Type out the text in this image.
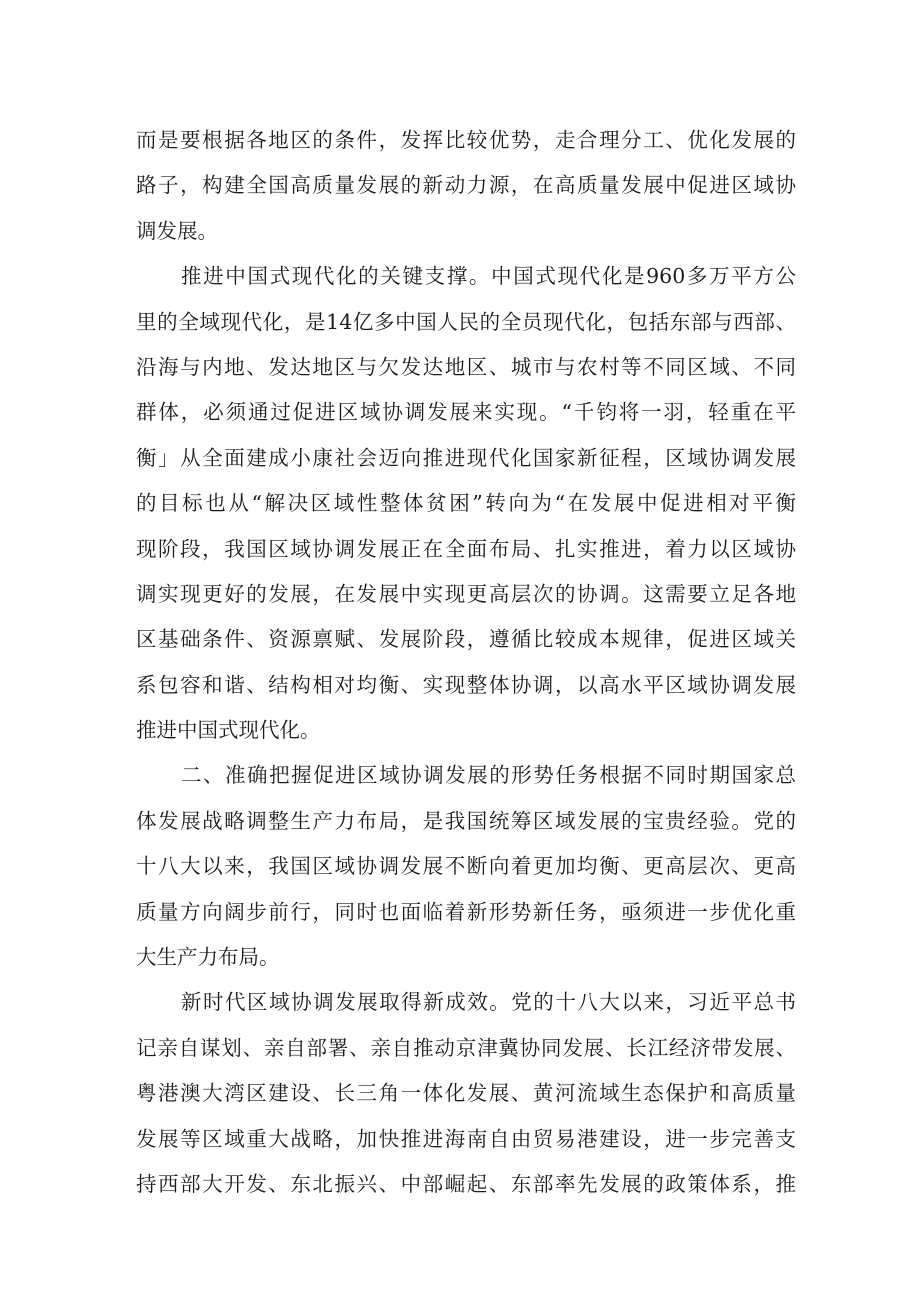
而是要根据各地区的条件，发挥比较优势，走合理分工、优化发展的
路子，构建全国高质量发展的新动力源，在高质量发展中促进区域协
调发展。
推进中国式现代化的关键支撑。中国式现代化是960多万平方公
里的全域现代化，是14亿多中国人民的全员现代化，包括东部与西部、
沿海与内地、发达地区与欠发达地区、城市与农村等不同区域、不同
群体，必须通过促进区域协调发展来实现。“千钧将一羽，轻重在平
衡」从全面建成小康社会迈向推进现代化国家新征程，区域协调发展
的目标也从“解决区域性整体贫困”转向为“在发展中促进相对平衡
现阶段，我国区域协调发展正在全面布局、扎实推进，着力以区域协
调实现更好的发展，在发展中实现更高层次的协调。这需要立足各地
区基础条件、资源禀赋、发展阶段，遵循比较成本规律，促进区域关
系包容和谐、结构相对均衡、实现整体协调，以高水平区域协调发展
推进中国式现代化。
二、准确把握促进区域协调发展的形势任务根据不同时期国家总
体发展战略调整生产力布局，是我国统筹区域发展的宝贵经验。党的
十八大以来，我国区域协调发展不断向着更加均衡、更高层次、更高
质量方向阔步前行，同时也面临着新形势新任务，亟须进一步优化重
大生产力布局。
新时代区域协调发展取得新成效。党的十八大以来，习近平总书
记亲自谋划、亲自部署、亲自推动京津冀协同发展、长江经济带发展、
粤港澳大湾区建设、长三角一体化发展、黄河流域生态保护和高质量
发展等区域重大战略，加快推进海南自由贸易港建设，进一步完善支
持西部大开发、东北振兴、中部崛起、东部率先发展的政策体系，推
